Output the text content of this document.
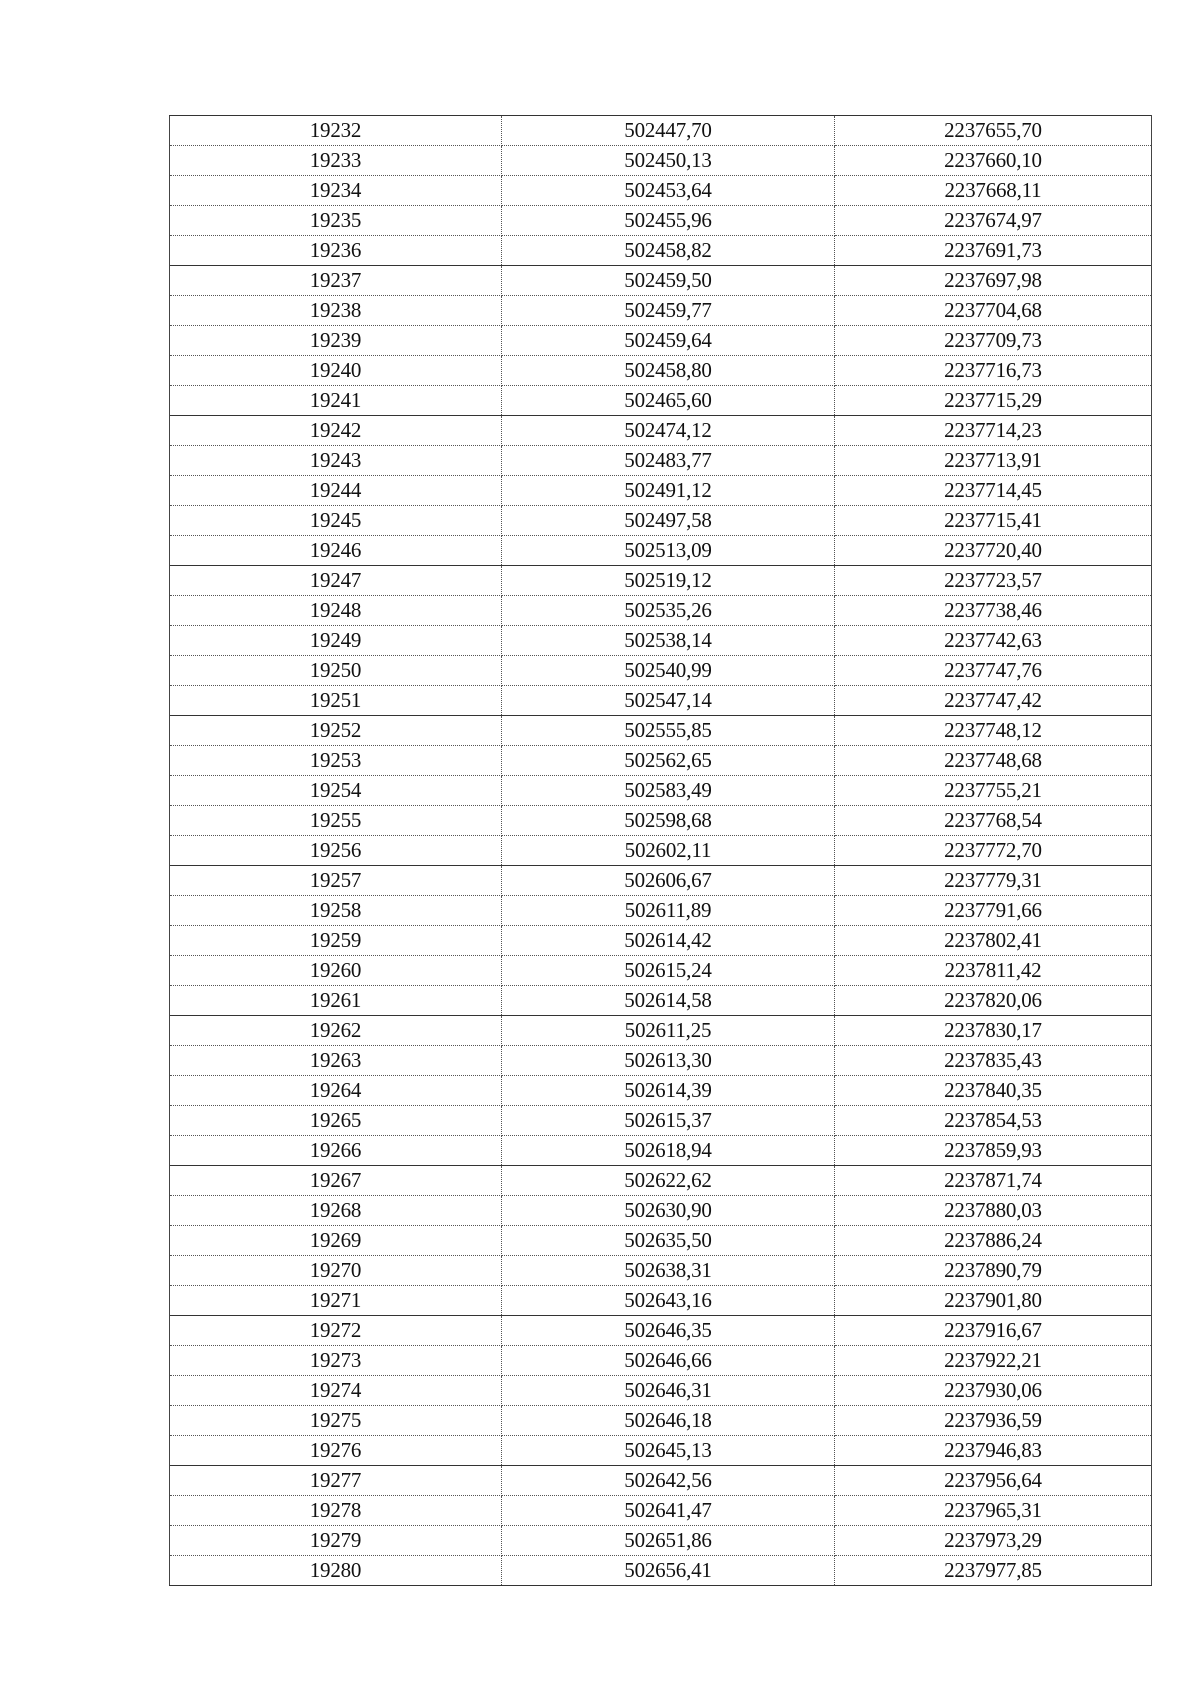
19232	502447,70	2237655,70
19233	502450,13	2237660,10
19234	502453,64	2237668,11
19235	502455,96	2237674,97
19236	502458,82	2237691,73
19237	502459,50	2237697,98
19238	502459,77	2237704,68
19239	502459,64	2237709,73
19240	502458,80	2237716,73
19241	502465,60	2237715,29
19242	502474,12	2237714,23
19243	502483,77	2237713,91
19244	502491,12	2237714,45
19245	502497,58	2237715,41
19246	502513,09	2237720,40
19247	502519,12	2237723,57
19248	502535,26	2237738,46
19249	502538,14	2237742,63
19250	502540,99	2237747,76
19251	502547,14	2237747,42
19252	502555,85	2237748,12
19253	502562,65	2237748,68
19254	502583,49	2237755,21
19255	502598,68	2237768,54
19256	502602,11	2237772,70
19257	502606,67	2237779,31
19258	502611,89	2237791,66
19259	502614,42	2237802,41
19260	502615,24	2237811,42
19261	502614,58	2237820,06
19262	502611,25	2237830,17
19263	502613,30	2237835,43
19264	502614,39	2237840,35
19265	502615,37	2237854,53
19266	502618,94	2237859,93
19267	502622,62	2237871,74
19268	502630,90	2237880,03
19269	502635,50	2237886,24
19270	502638,31	2237890,79
19271	502643,16	2237901,80
19272	502646,35	2237916,67
19273	502646,66	2237922,21
19274	502646,31	2237930,06
19275	502646,18	2237936,59
19276	502645,13	2237946,83
19277	502642,56	2237956,64
19278	502641,47	2237965,31
19279	502651,86	2237973,29
19280	502656,41	2237977,85
